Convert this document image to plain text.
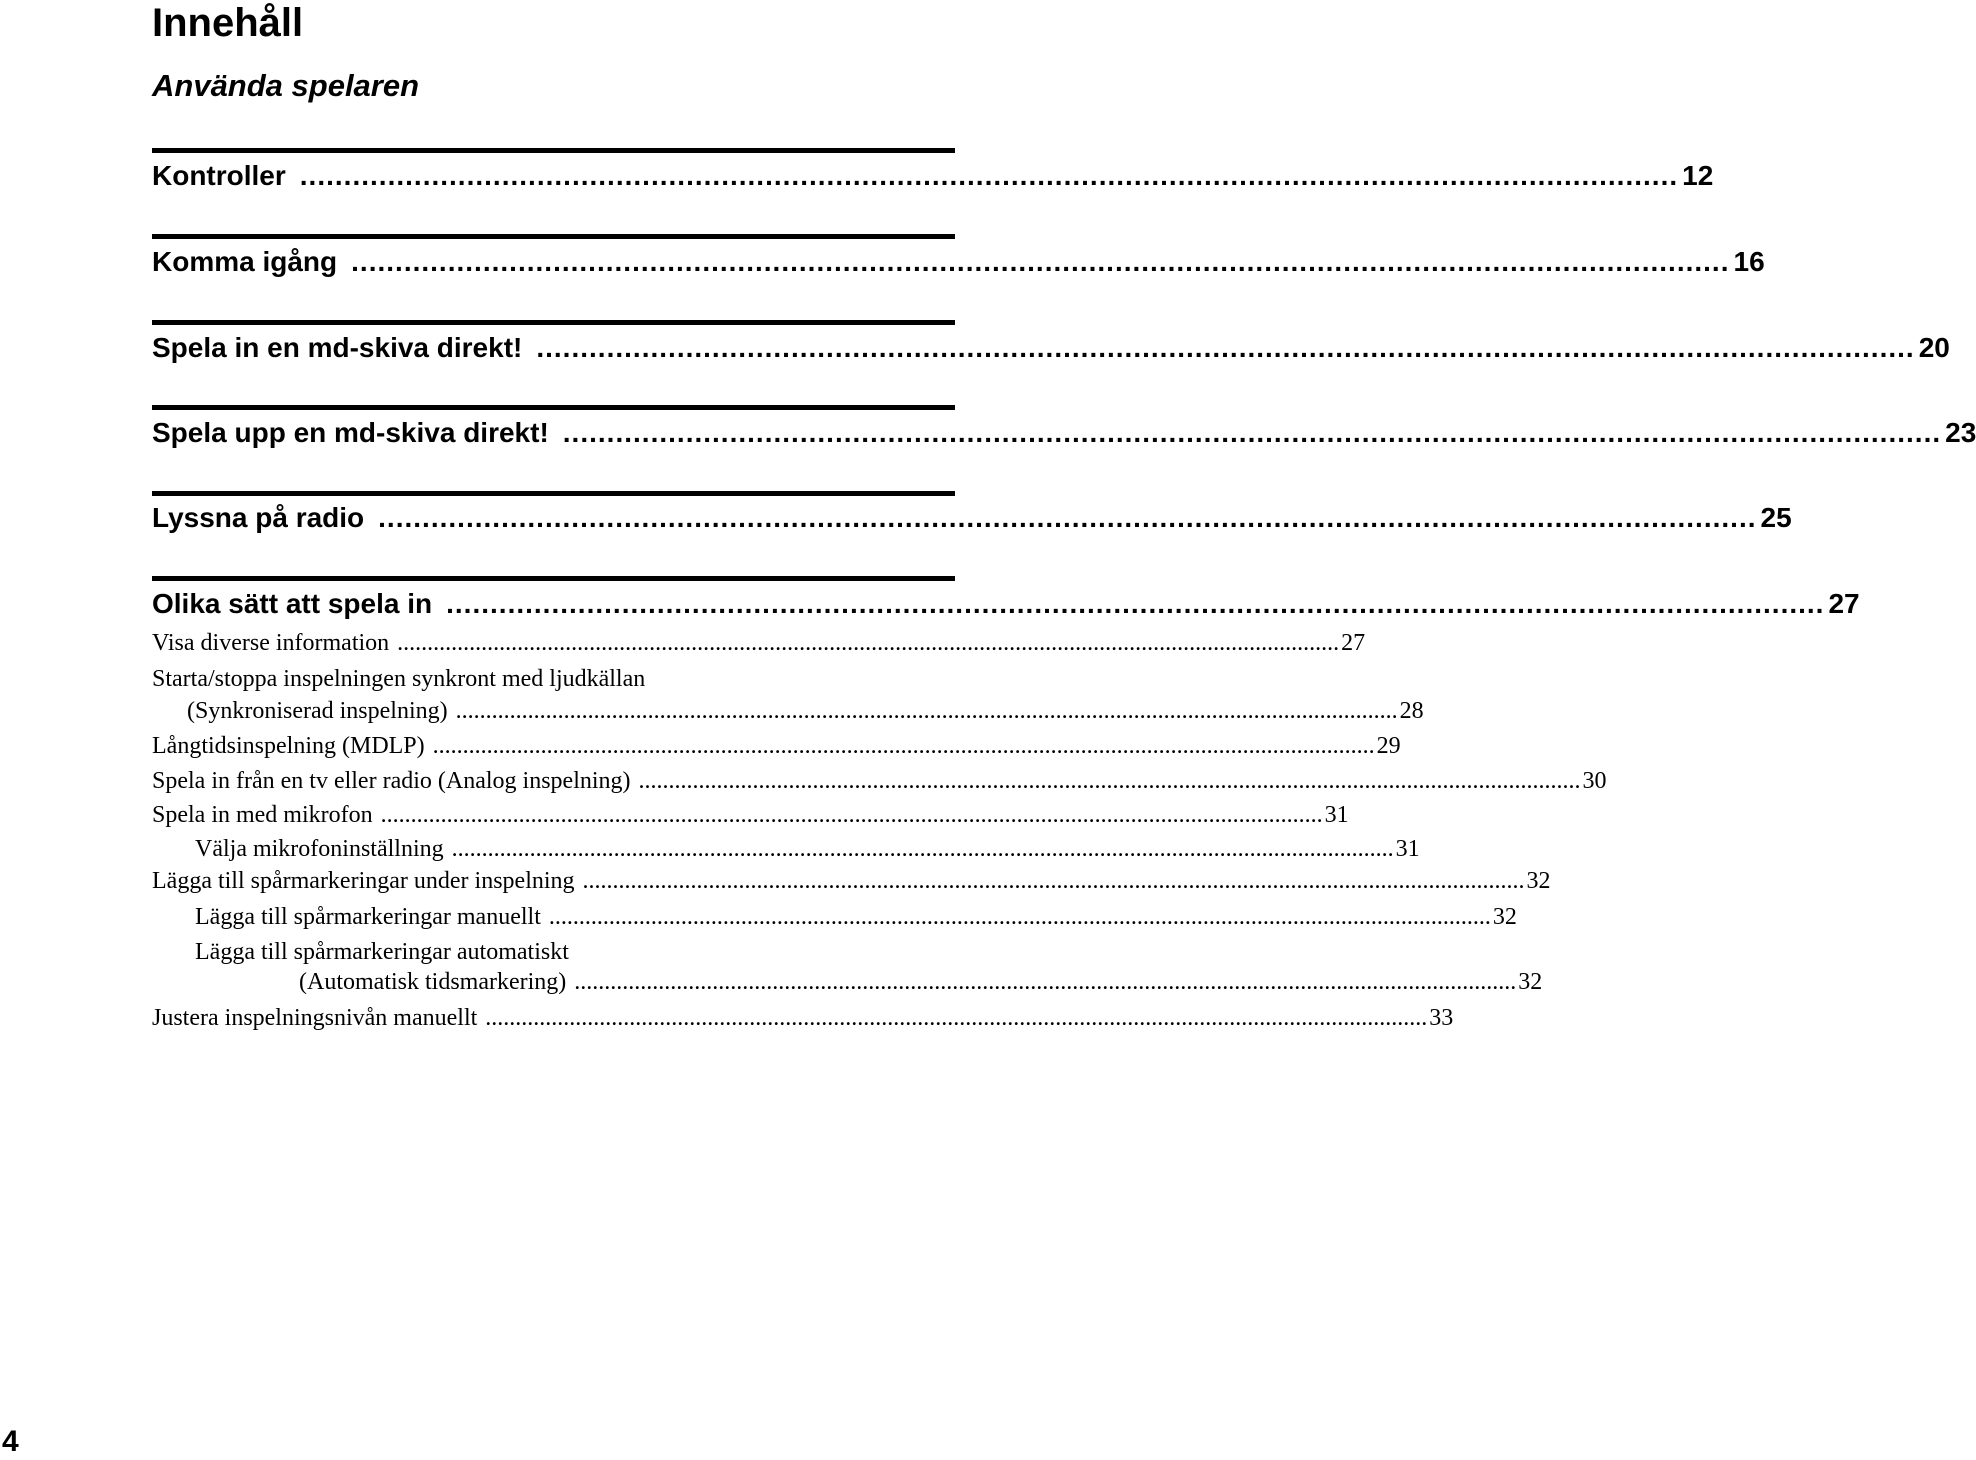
Innehåll
Använda spelaren
Kontroller ............................................................................................................................................................. 12
Komma igång ............................................................................................................................................................. 16
Spela in en md-skiva direkt! ............................................................................................................................................................. 20
Spela upp en md-skiva direkt! ............................................................................................................................................................. 23
Lyssna på radio ............................................................................................................................................................. 25
Olika sätt att spela in ............................................................................................................................................................. 27
Visa diverse information ............................................................................................................................................................. 27
Starta/stoppa inspelningen synkront med ljudkällan
(Synkroniserad inspelning) ............................................................................................................................................................. 28
Långtidsinspelning (MDLP) ............................................................................................................................................................. 29
Spela in från en tv eller radio (Analog inspelning) ............................................................................................................................................................. 30
Spela in med mikrofon ............................................................................................................................................................. 31
Välja mikrofoninställning ............................................................................................................................................................. 31
Lägga till spårmarkeringar under inspelning ............................................................................................................................................................. 32
Lägga till spårmarkeringar manuellt ............................................................................................................................................................. 32
Lägga till spårmarkeringar automatiskt
(Automatisk tidsmarkering) ............................................................................................................................................................. 32
Justera inspelningsnivån manuellt ............................................................................................................................................................. 33
4
